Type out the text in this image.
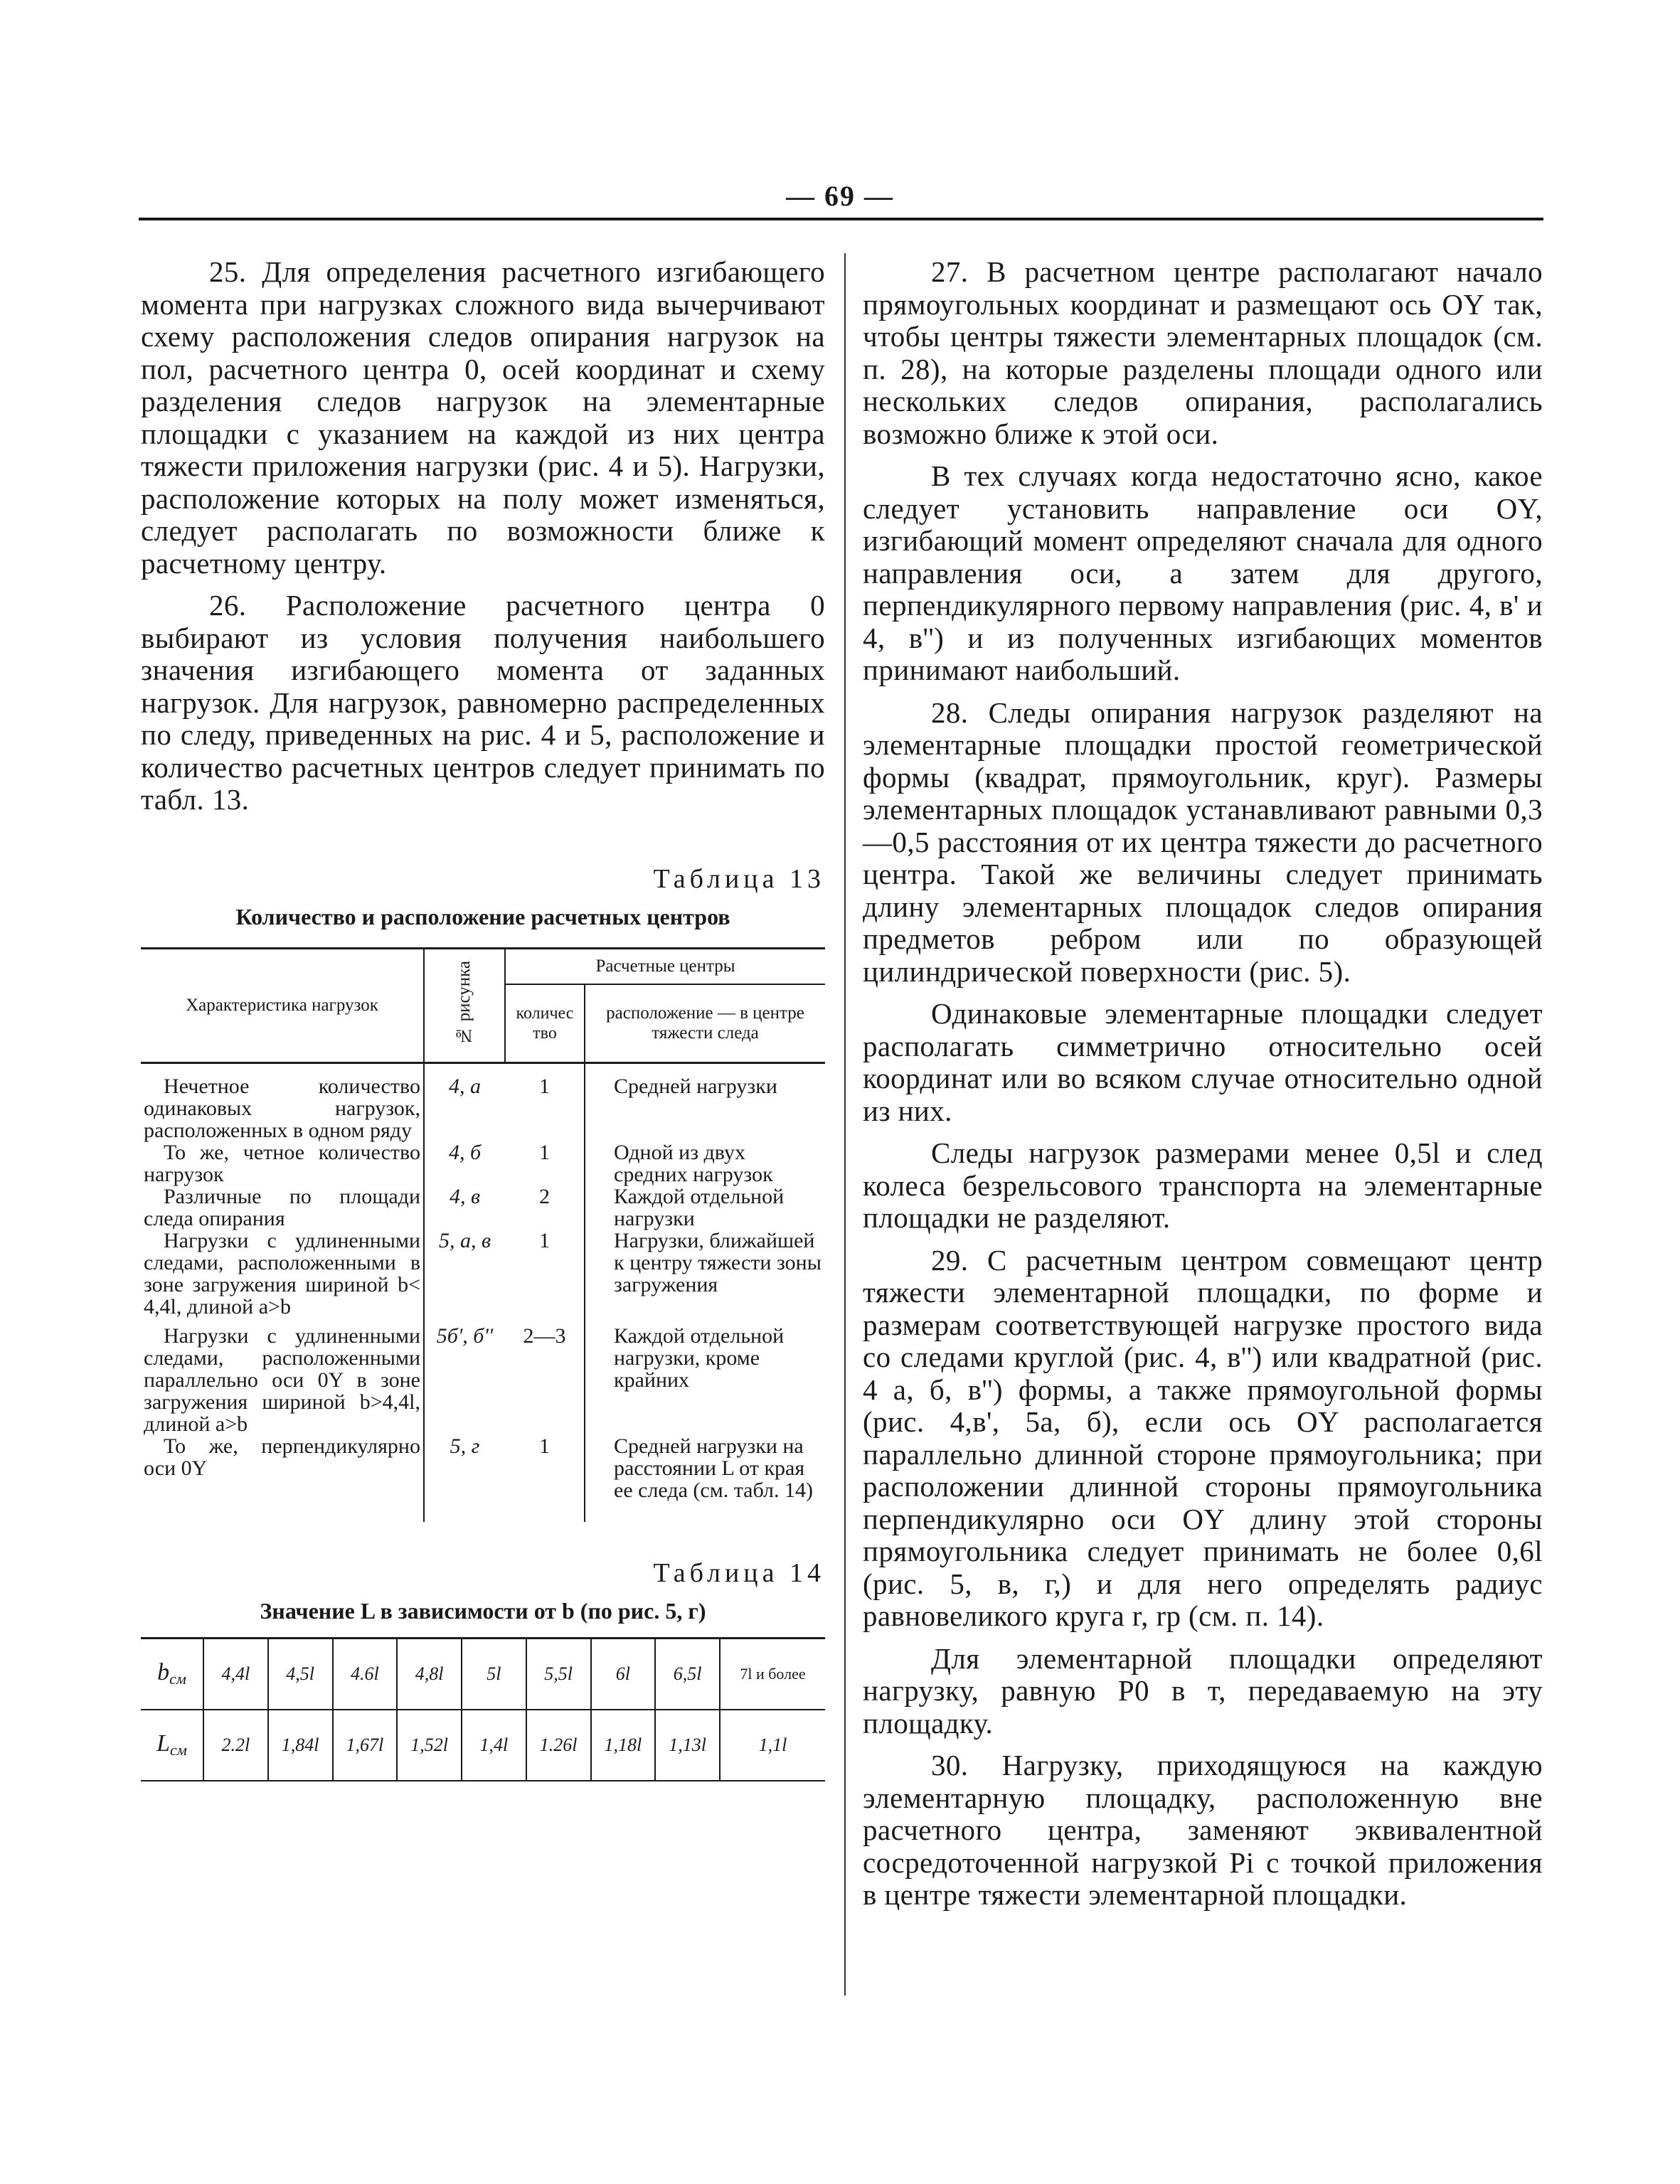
— 69 —

25. Для определения расчетного изгибающего момента при нагрузках сложного вида вычерчивают схему расположения следов опирания нагрузок на пол, расчетного центра 0, осей координат и схему разделения следов нагрузок на элементарные площадки с указанием на каждой из них центра тяжести приложения нагрузки (рис. 4 и 5). Нагрузки, расположение которых на полу может изменяться, следует располагать по возможности ближе к расчетному центру.

26. Расположение расчетного центра 0 выбирают из условия получения наибольшего значения изгибающего момента от заданных нагрузок. Для нагрузок, равномерно распределенных по следу, приведенных на рис. 4 и 5, расположение и количество расчетных центров следует принимать по табл. 13.

Таблица 13
Количество и расположение расчетных центров
Характеристика нагрузок	№ рисунка	Расчетные центры	
		количество	расположение — в центре тяжести следа
Нечетное количество одинаковых нагрузок, расположенных в одном ряду	4, а	1	Средней нагрузки
То же, четное количество нагрузок	4, б	1	Одной из двух средних нагрузок
Различные по площади следа опирания	4, в	2	Каждой отдельной нагрузки
Нагрузки с удлиненными следами, расположенными в зоне загружения шириной b< 4,4l, длиной a>b	5, а, в	1	Нагрузки, ближайшей к центру тяжести зоны загружения
Нагрузки с удлиненными следами, расположенными параллельно оси 0Y в зоне загружения шириной b>4,4l, длиной a>b	5б', б''	2—3	Каждой отдельной нагрузки, кроме крайних
То же, перпендикулярно оси 0Y	5, г	1	Средней нагрузки на расстоянии L от края ее следа (см. табл. 14)
Таблица 14
Значение L в зависимости от b (по рис. 5, г)
$b_{см}$	4,4l	4,5l	4.6l	4,8l	5l	5,5l	6l	6,5l	7l и более
$L_{см}$	2.2l	1,84l	1,67l	1,52l	1,4l	1.26l	1,18l	1,13l	1,1l

27. В расчетном центре располагают начало прямоугольных координат и размещают ось OY так, чтобы центры тяжести элементарных площадок (см. п. 28), на которые разделены площади одного или нескольких следов опирания, располагались возможно ближе к этой оси.

В тех случаях когда недостаточно ясно, какое следует установить направление оси OY, изгибающий момент определяют сначала для одного направления оси, а затем для другого, перпендикулярного первому направления (рис. 4, в' и 4, в'') и из полученных изгибающих моментов принимают наибольший.

28. Следы опирания нагрузок разделяют на элементарные площадки простой геометрической формы (квадрат, прямоугольник, круг). Размеры элементарных площадок устанавливают равными 0,3—0,5 расстояния от их центра тяжести до расчетного центра. Такой же величины следует принимать длину элементарных площадок следов опирания предметов ребром или по образующей цилиндрической поверхности (рис. 5).

Одинаковые элементарные площадки следует располагать симметрично относительно осей координат или во всяком случае относительно одной из них.

Следы нагрузок размерами менее 0,5l и след колеса безрельсового транспорта на элементарные площадки не разделяют.

29. С расчетным центром совмещают центр тяжести элементарной площадки, по форме и размерам соответствующей нагрузке простого вида со следами круглой (рис. 4, в'') или квадратной (рис. 4 а, б, в'') формы, а также прямоугольной формы (рис. 4,в', 5а, б), если ось OY располагается параллельно длинной стороне прямоугольника; при расположении длинной стороны прямоугольника перпендикулярно оси OY длину этой стороны прямоугольника следует принимать не более 0,6l (рис. 5, в, г,) и для него определять радиус равновеликого круга r, rр (см. п. 14).

Для элементарной площадки определяют нагрузку, равную P0 в т, передаваемую на эту площадку.

30. Нагрузку, приходящуюся на каждую элементарную площадку, расположенную вне расчетного центра, заменяют эквивалентной сосредоточенной нагрузкой Pi с точкой приложения в центре тяжести элементарной площадки.
